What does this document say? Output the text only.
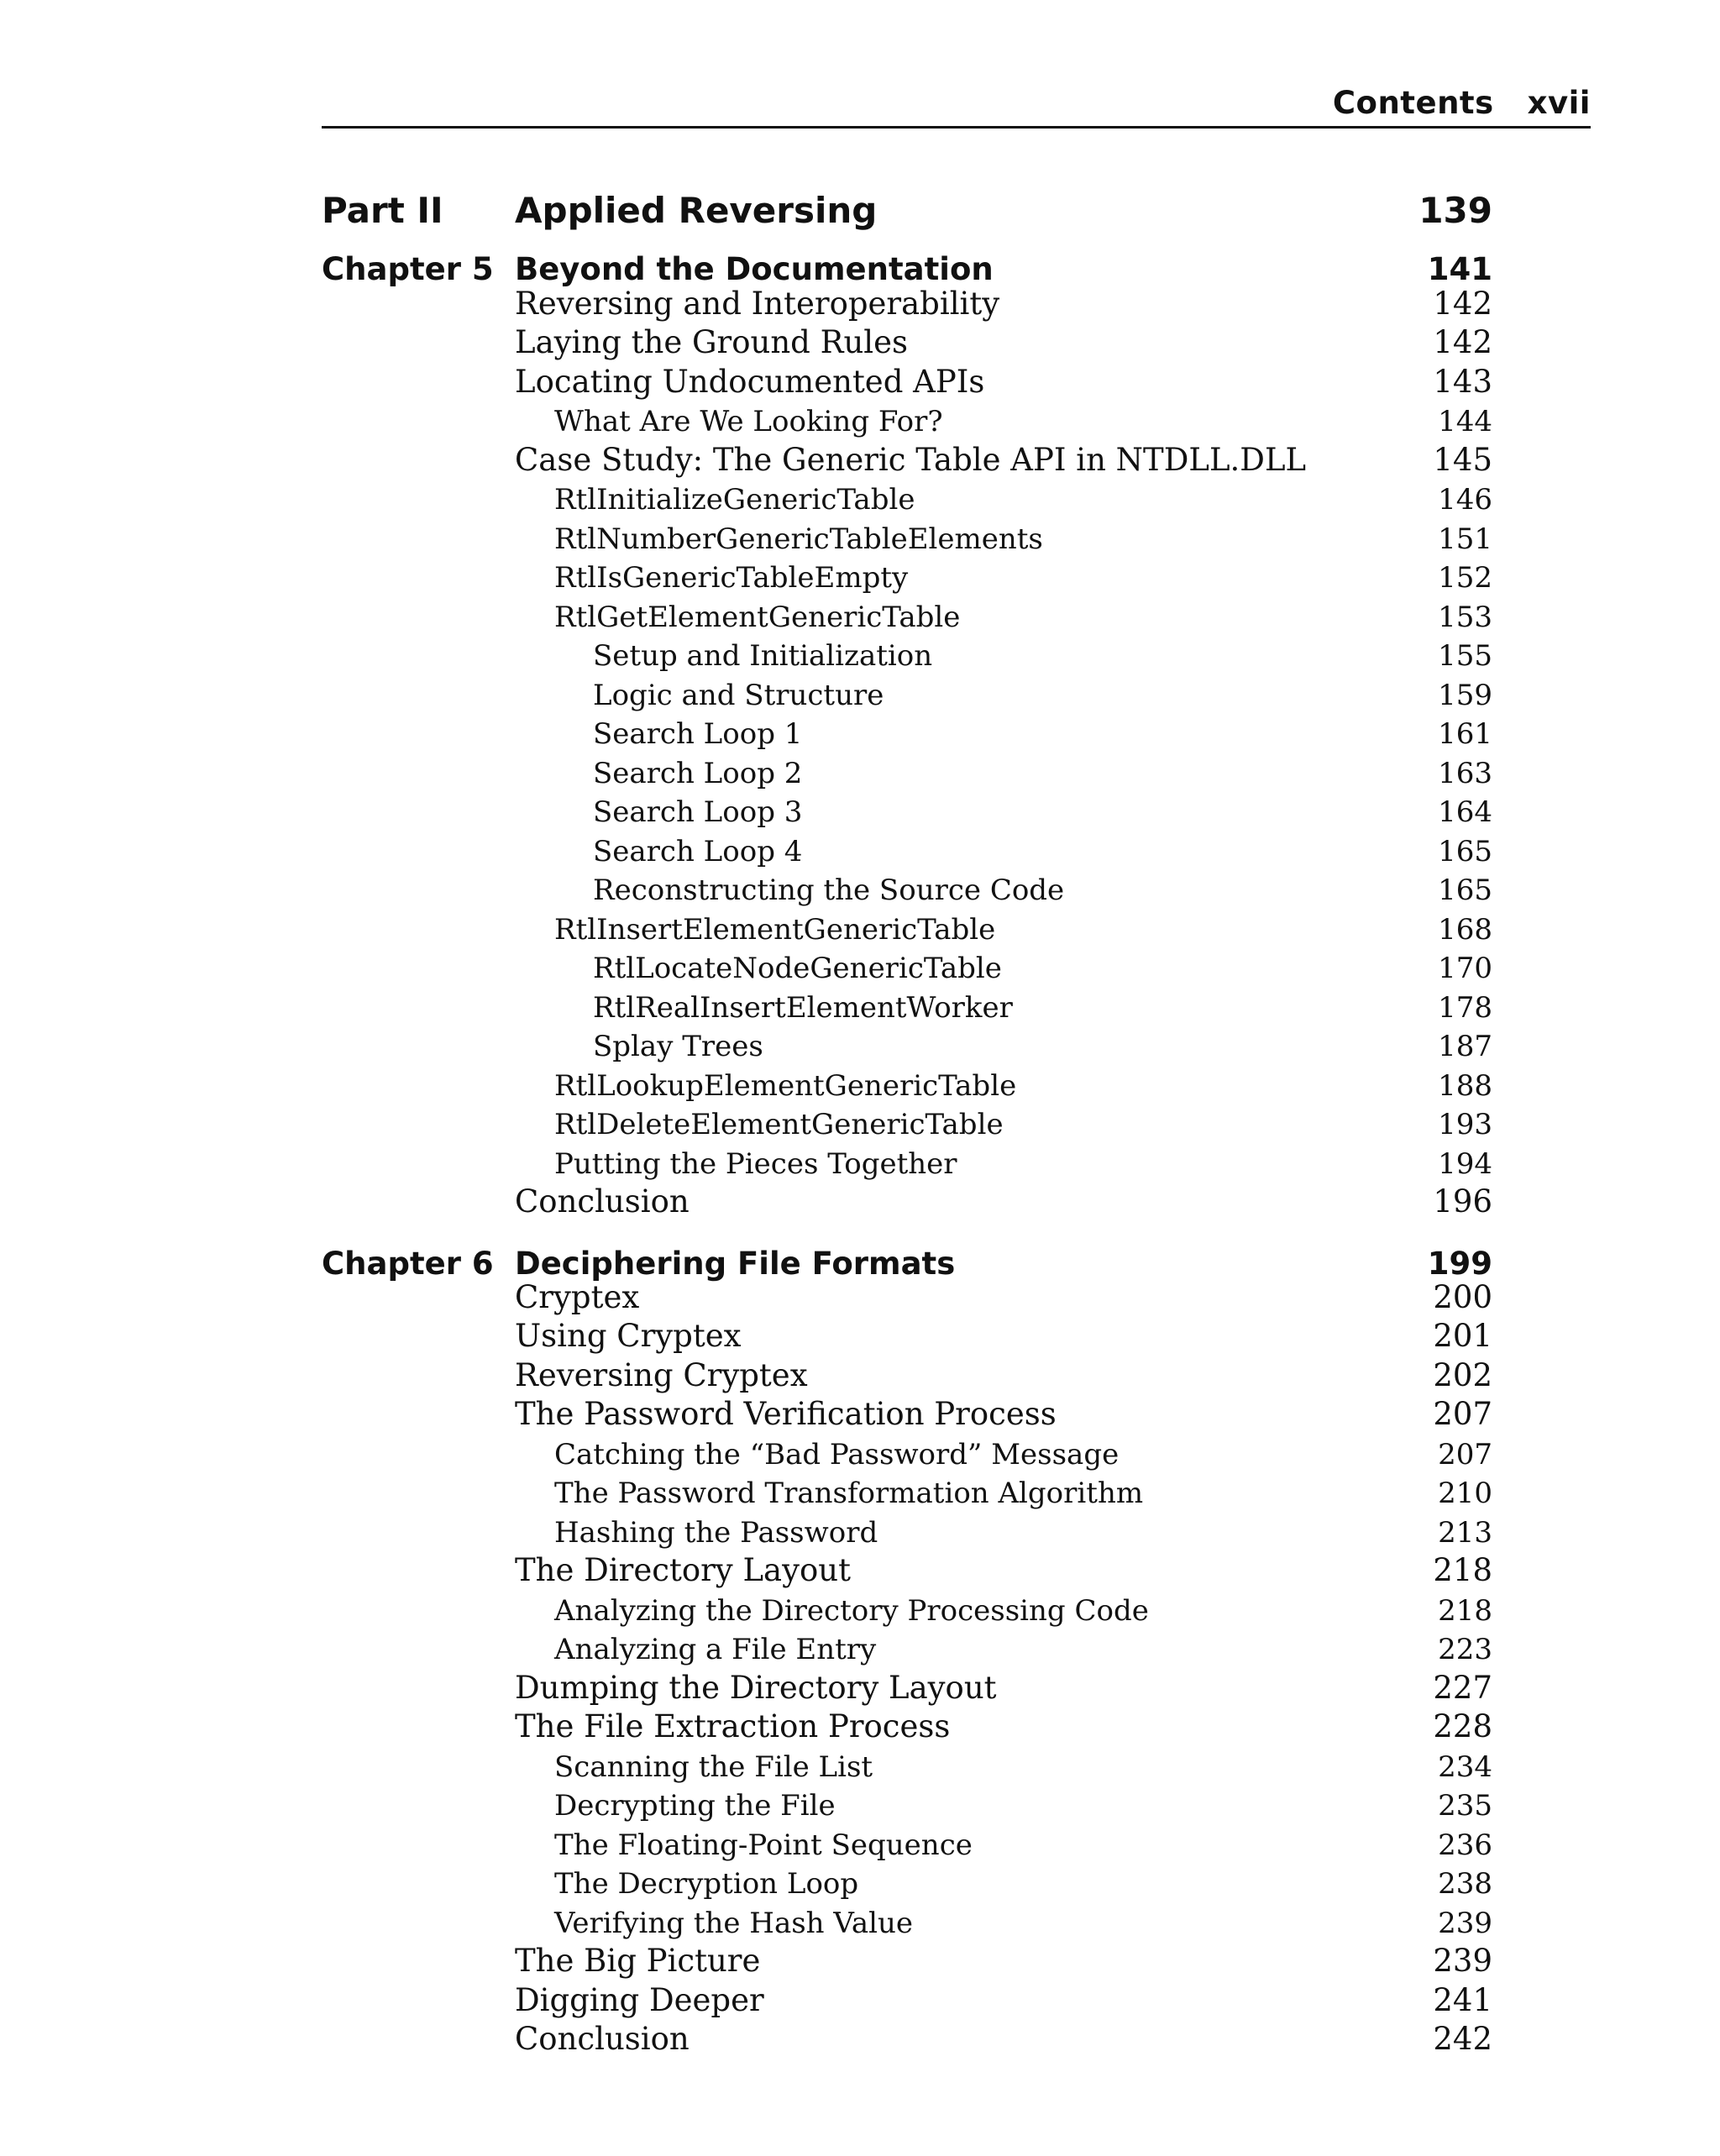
Contents xvii
Part II Applied Reversing	139
Chapter 5 Beyond the Documentation	141
Reversing and Interoperability	142
Laying the Ground Rules	142
Locating Undocumented APIs	143
What Are We Looking For?	144
Case Study: The Generic Table API in NTDLL.DLL	145
RtlInitializeGenericTable	146
RtlNumberGenericTableElements	151
RtlIsGenericTableEmpty	152
RtlGetElementGenericTable	153
Setup and Initialization	155
Logic and Structure	159
Search Loop 1	161
Search Loop 2	163
Search Loop 3	164
Search Loop 4	165
Reconstructing the Source Code	165
RtlInsertElementGenericTable	168
RtlLocateNodeGenericTable	170
RtlRealInsertElementWorker	178
Splay Trees	187
RtlLookupElementGenericTable	188
RtlDeleteElementGenericTable	193
Putting the Pieces Together	194
Conclusion	196
Chapter 6 Deciphering File Formats	199
Cryptex	200
Using Cryptex	201
Reversing Cryptex	202
The Password Verification Process	207
Catching the “Bad Password” Message	207
The Password Transformation Algorithm	210
Hashing the Password	213
The Directory Layout	218
Analyzing the Directory Processing Code	218
Analyzing a File Entry	223
Dumping the Directory Layout	227
The File Extraction Process	228
Scanning the File List	234
Decrypting the File	235
The Floating-Point Sequence	236
The Decryption Loop	238
Verifying the Hash Value	239
The Big Picture	239
Digging Deeper	241
Conclusion	242
